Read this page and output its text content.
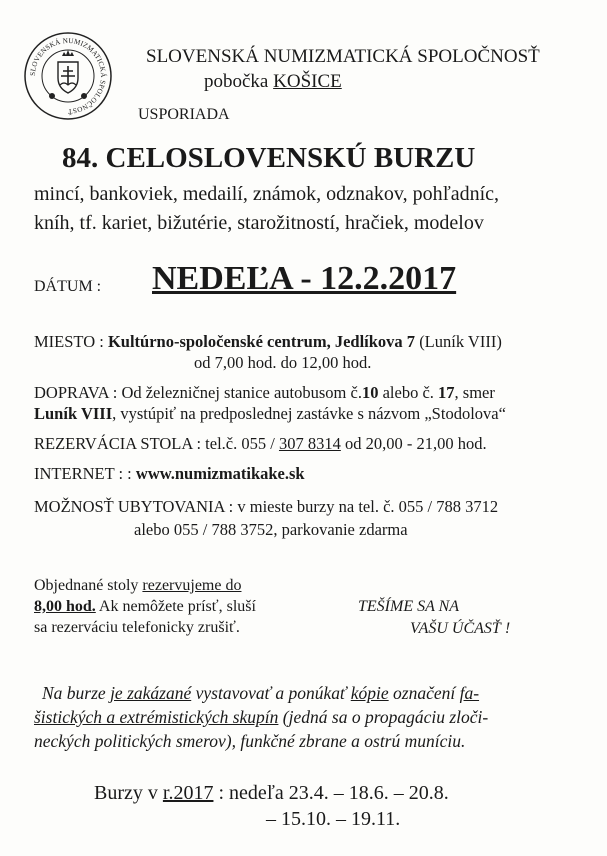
SLOVENSKÁ NUMIZMATICKÁ SPOLOČNOSŤ
SLOVENSKÁ NUMIZMATICKÁ SPOLOČNOSŤ
pobočka KOŠICE
USPORIADA
84. CELOSLOVENSKÚ BURZU
mincí, bankoviek, medailí, známok, odznakov, pohľadníc,
kníh, tf. kariet, bižutérie, starožitností, hračiek, modelov
DÁTUM : NEDEĽA - 12.2.2017
MIESTO : Kultúrno-spoločenské centrum, Jedlíkova 7 (Luník VIII)
od 7,00 hod. do 12,00 hod.
DOPRAVA : Od železničnej stanice autobusom č.10 alebo č. 17, smer
Luník VIII, vystúpiť na predposlednej zastávke s názvom „Stodolova“
REZERVÁCIA STOLA : tel.č. 055 / 307 8314 od 20,00 - 21,00 hod.
INTERNET : : www.numizmatikake.sk
MOŽNOSŤ UBYTOVANIA : v mieste burzy na tel. č. 055 / 788 3712
alebo 055 / 788 3752, parkovanie zdarma
Objednané stoly rezervujeme do
8,00 hod. Ak nemôžete prísť, sluší
sa rezerváciu telefonicky zrušiť.
TEŠÍME SA NA
VAŠU ÚČASŤ !
Na burze je zakázané vystavovať a ponúkať kópie označení fa-
šistických a extrémistických skupín (jedná sa o propagáciu zloči-
neckých politických smerov), funkčné zbrane a ostrú muníciu.
Burzy v r.2017 : nedeľa 23.4. – 18.6. – 20.8.
– 15.10. – 19.11.
